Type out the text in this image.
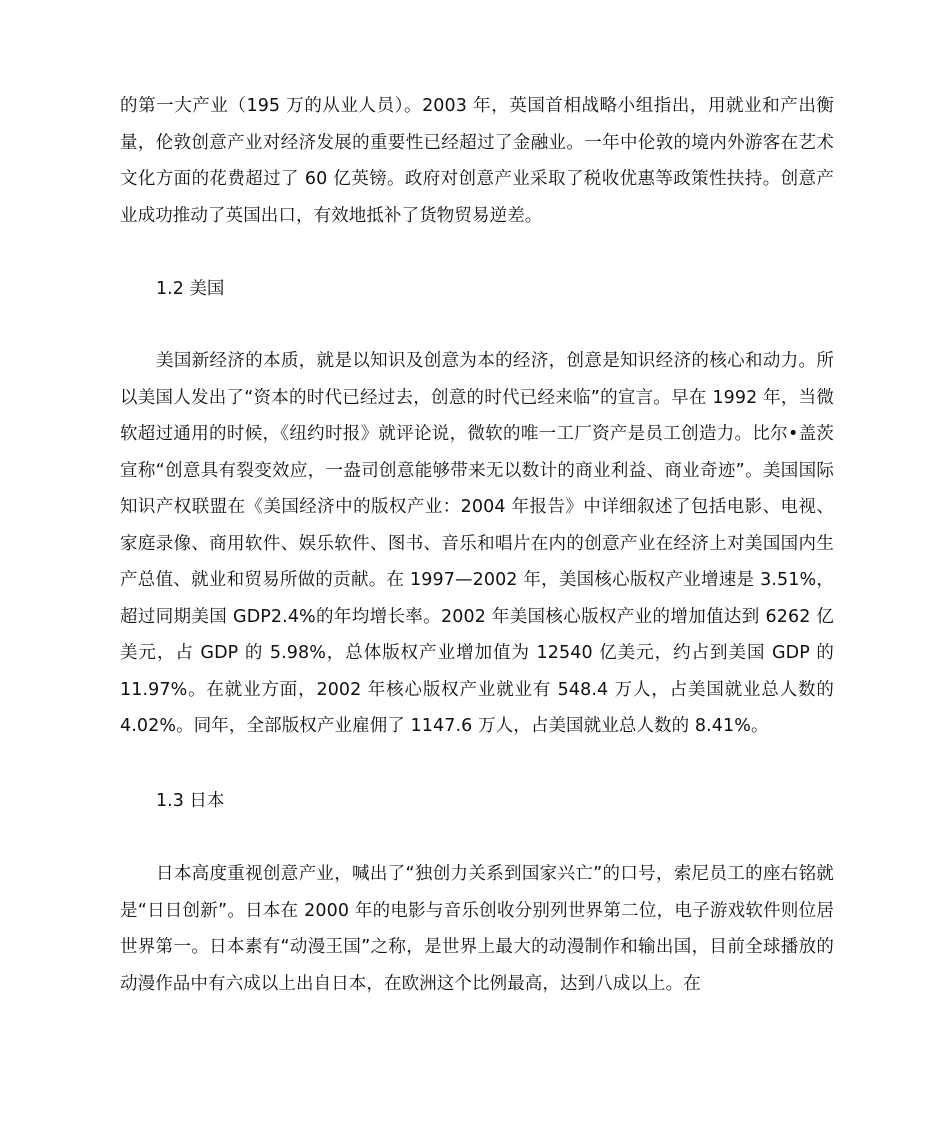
的第一大产业（195 万的从业人员）。2003 年，英国首相战略小组指出，用就业和产出衡量，伦敦创意产业对经济发展的重要性已经超过了金融业。一年中伦敦的境内外游客在艺术文化方面的花费超过了 60 亿英镑。政府对创意产业采取了税收优惠等政策性扶持。创意产业成功推动了英国出口，有效地抵补了货物贸易逆差。

1.2 美国

美国新经济的本质，就是以知识及创意为本的经济，创意是知识经济的核心和动力。所以美国人发出了“资本的时代已经过去，创意的时代已经来临”的宣言。早在 1992 年，当微软超过通用的时候，《纽约时报》就评论说，微软的唯一工厂资产是员工创造力。比尔•盖茨宣称“创意具有裂变效应，一盎司创意能够带来无以数计的商业利益、商业奇迹”。美国国际知识产权联盟在《美国经济中的版权产业：2004 年报告》中详细叙述了包括电影、电视、家庭录像、商用软件、娱乐软件、图书、音乐和唱片在内的创意产业在经济上对美国国内生产总值、就业和贸易所做的贡献。在 1997—2002 年，美国核心版权产业增速是 3.51%，超过同期美国 GDP2.4%的年均增长率。2002 年美国核心版权产业的增加值达到 6262 亿美元，占 GDP 的 5.98%，总体版权产业增加值为 12540 亿美元，约占到美国 GDP 的 11.97%。在就业方面，2002 年核心版权产业就业有 548.4 万人，占美国就业总人数的 4.02%。同年，全部版权产业雇佣了 1147.6 万人，占美国就业总人数的 8.41%。

1.3 日本

日本高度重视创意产业，喊出了“独创力关系到国家兴亡”的口号，索尼员工的座右铭就是“日日创新”。日本在 2000 年的电影与音乐创收分别列世界第二位，电子游戏软件则位居世界第一。日本素有“动漫王国”之称，是世界上最大的动漫制作和输出国，目前全球播放的动漫作品中有六成以上出自日本，在欧洲这个比例最高，达到八成以上。在
